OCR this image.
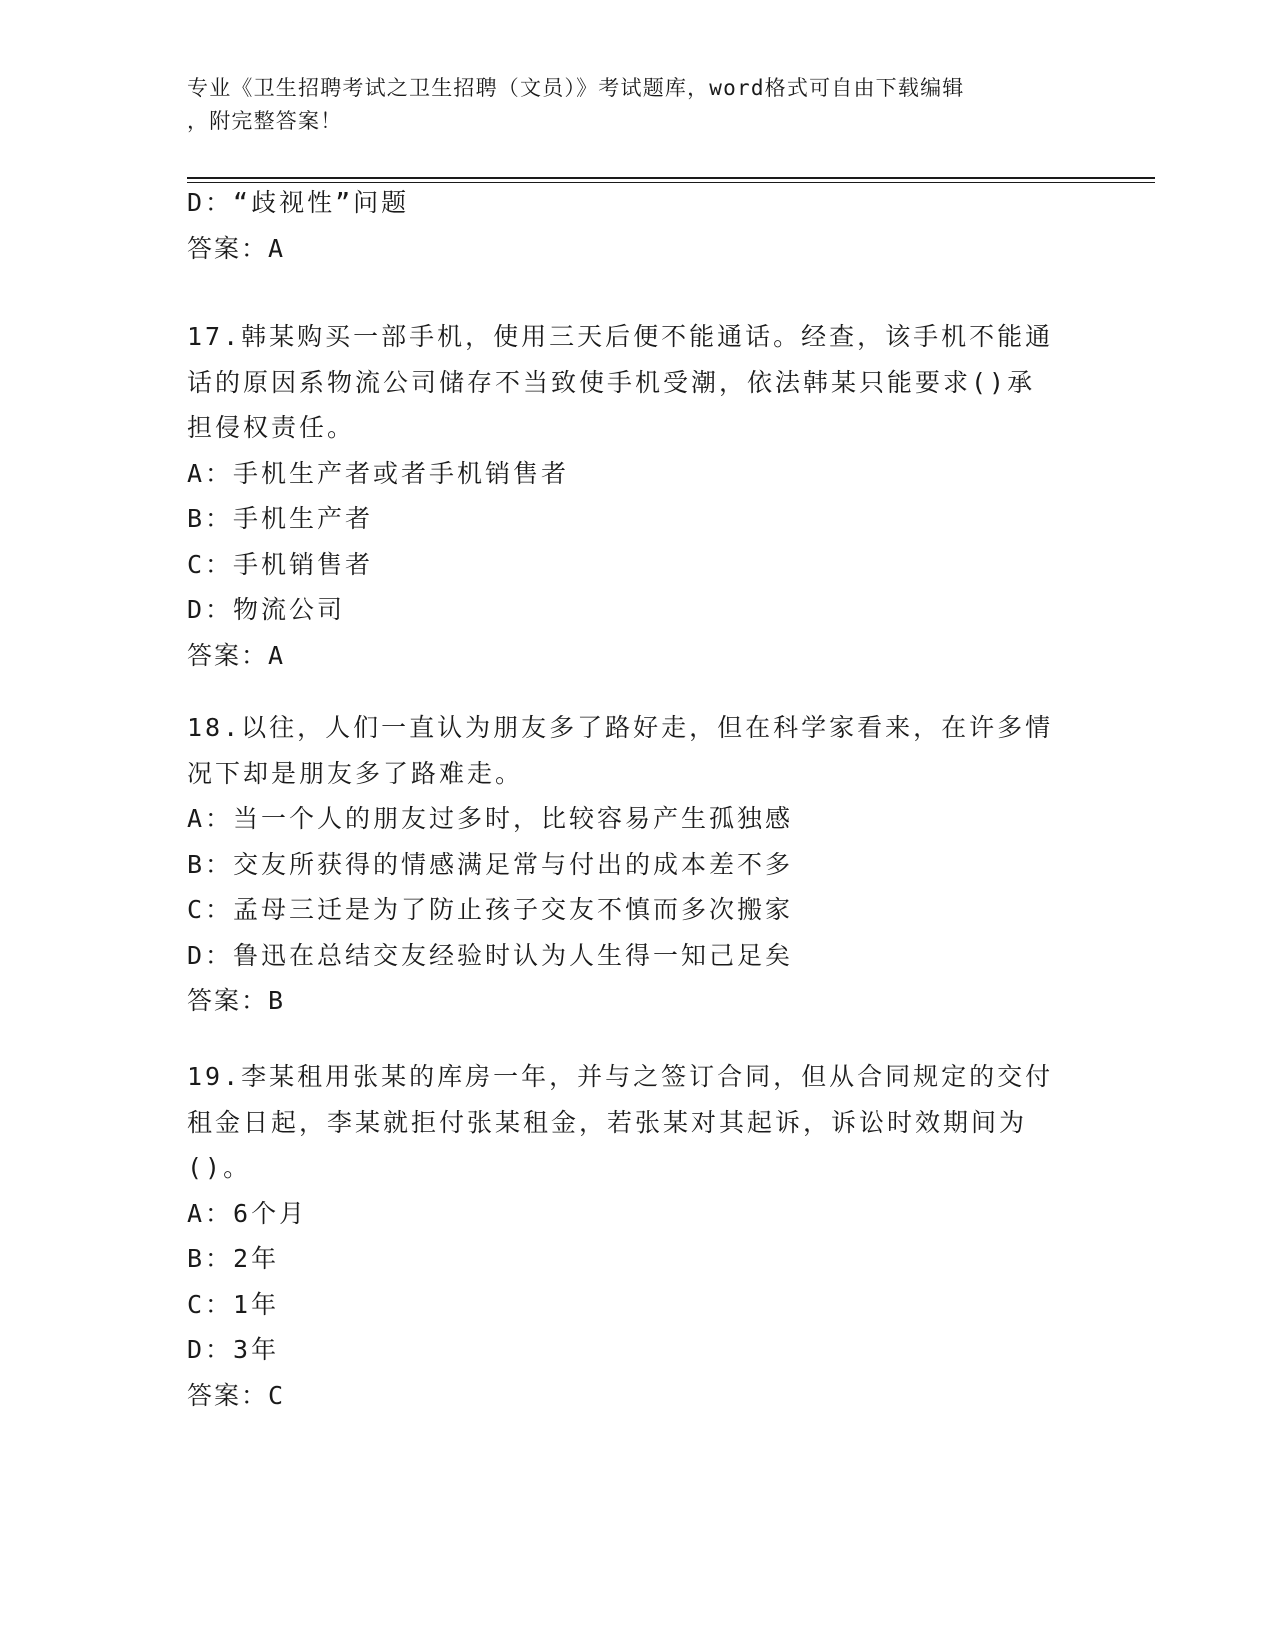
专业《卫生招聘考试之卫生招聘（文员）》考试题库，word格式可自由下载编辑
，附完整答案！
D：“歧视性”问题
答案：A
17.韩某购买一部手机，使用三天后便不能通话。经查，该手机不能通
话的原因系物流公司储存不当致使手机受潮，依法韩某只能要求()承
担侵权责任。
A：手机生产者或者手机销售者
B：手机生产者
C：手机销售者
D：物流公司
答案：A
18.以往，人们一直认为朋友多了路好走，但在科学家看来，在许多情
况下却是朋友多了路难走。
A：当一个人的朋友过多时，比较容易产生孤独感
B：交友所获得的情感满足常与付出的成本差不多
C：孟母三迁是为了防止孩子交友不慎而多次搬家
D：鲁迅在总结交友经验时认为人生得一知己足矣
答案：B
19.李某租用张某的库房一年，并与之签订合同，但从合同规定的交付
租金日起，李某就拒付张某租金，若张某对其起诉，诉讼时效期间为
()。
A：6个月
B：2年
C：1年
D：3年
答案：C
